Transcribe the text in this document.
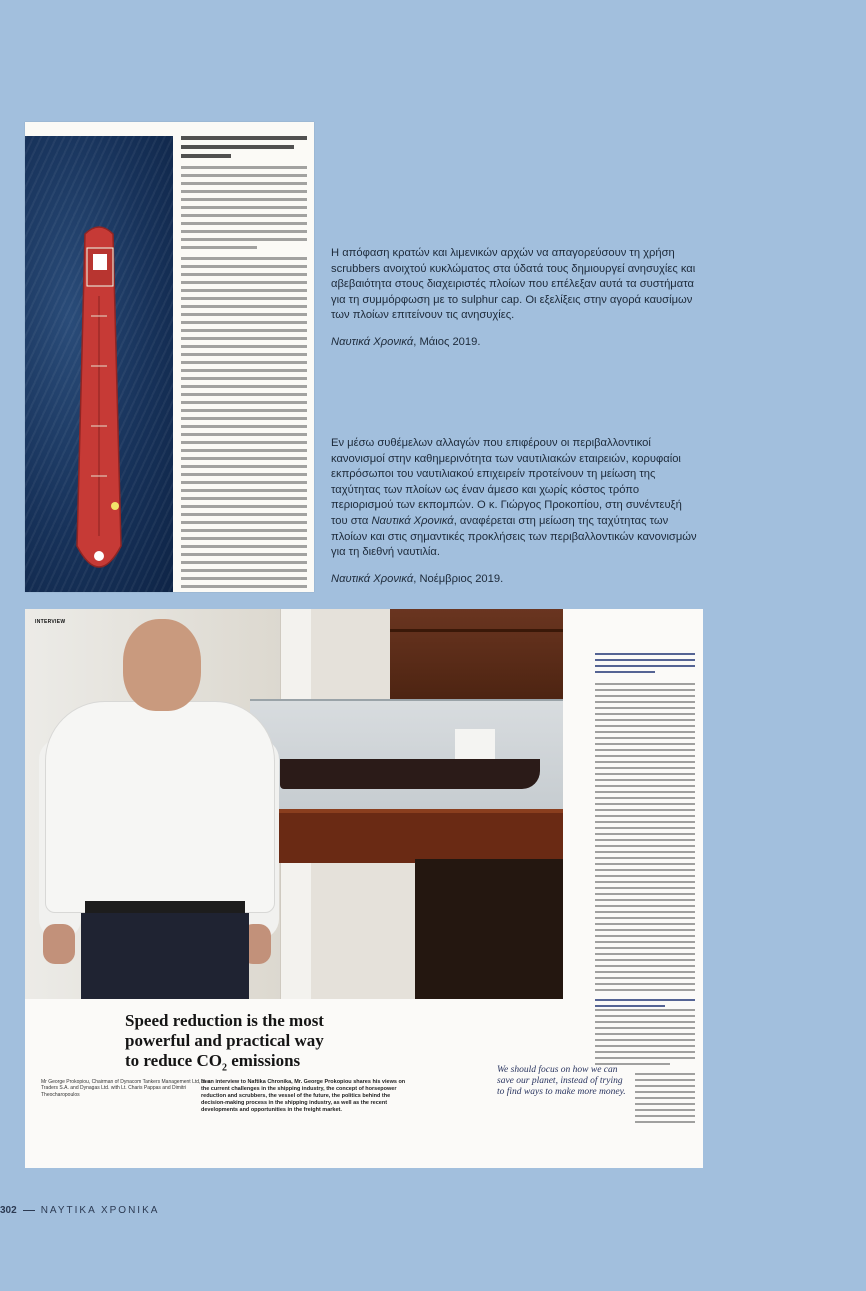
Η απόφαση κρατών και λιμενικών αρχών να απαγορεύσουν τη χρήση scrubbers ανοιχτού κυκλώματος στα ύδατά τους δημιουργεί ανησυχίες και αβεβαιότητα στους διαχειριστές πλοίων που επέλεξαν αυτά τα συστήματα για τη συμμόρφωση με το sulphur cap. Οι εξελίξεις στην αγορά καυσίμων των πλοίων επιτείνουν τις ανησυχίες.

Ναυτικά Χρονικά, Μάιος 2019.

Εν μέσω συθέμελων αλλαγών που επιφέρουν οι περιβαλλοντικοί κανονισμοί στην καθημερινότητα των ναυτιλιακών εταιρειών, κορυφαίοι εκπρόσωποι του ναυτιλιακού επιχειρείν προτείνουν τη μείωση της ταχύτητας των πλοίων ως έναν άμεσο και χωρίς κόστος τρόπο περιορισμού των εκπομπών. Ο κ. Γιώργος Προκοπίου, στη συνέντευξή του στα Ναυτικά Χρονικά, αναφέρεται στη μείωση της ταχύτητας των πλοίων και στις σημαντικές προκλήσεις των περιβαλλοντικών κανονισμών για τη διεθνή ναυτιλία.

Ναυτικά Χρονικά, Νοέμβριος 2019.

INTERVIEW
Speed reduction is the most
powerful and practical way
to reduce $CO_2$ emissions
Mr George Prokopiou, Chairman of Dynacom Tankers Management Ltd, Sea Traders S.A. and Dynagas Ltd. with Lt. Charis Pappas and Dimitri Theocharopoulos
In an interview to Naftika Chronika, Mr. George Prokopiou shares his views on the current challenges in the shipping industry, the concept of horsepower reduction and scrubbers, the vessel of the future, the politics behind the decision-making process in the shipping industry, as well as the recent developments and opportunities in the freight market.
We should focus on how we can save our planet, instead of trying to find ways to make more money.
302 ΝΑΥΤΙΚΑ ΧΡΟΝΙΚΑ
